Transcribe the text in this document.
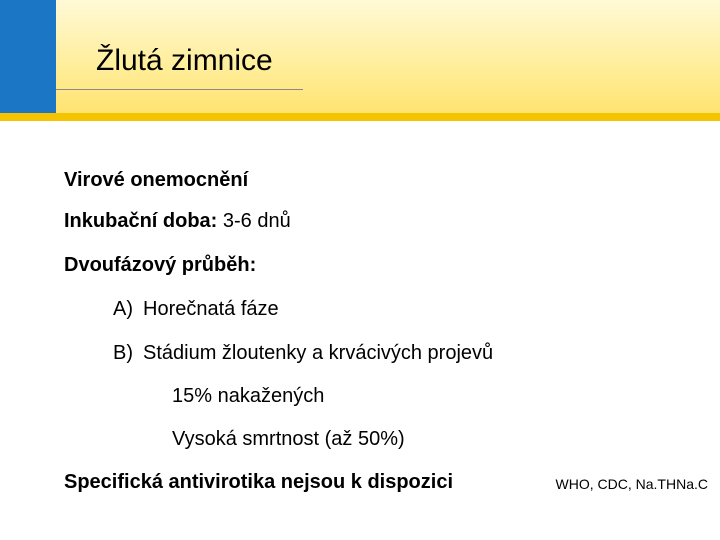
Žlutá zimnice
Virové onemocnění
Inkubační doba: 3-6 dnů
Dvoufázový průběh:
A) Horečnatá fáze
B) Stádium žloutenky a krvácivých projevů
15% nakažených
Vysoká smrtnost (až 50%)
Specifická antivirotika nejsou k dispozici	WHO, CDC, Na.THNa.C
